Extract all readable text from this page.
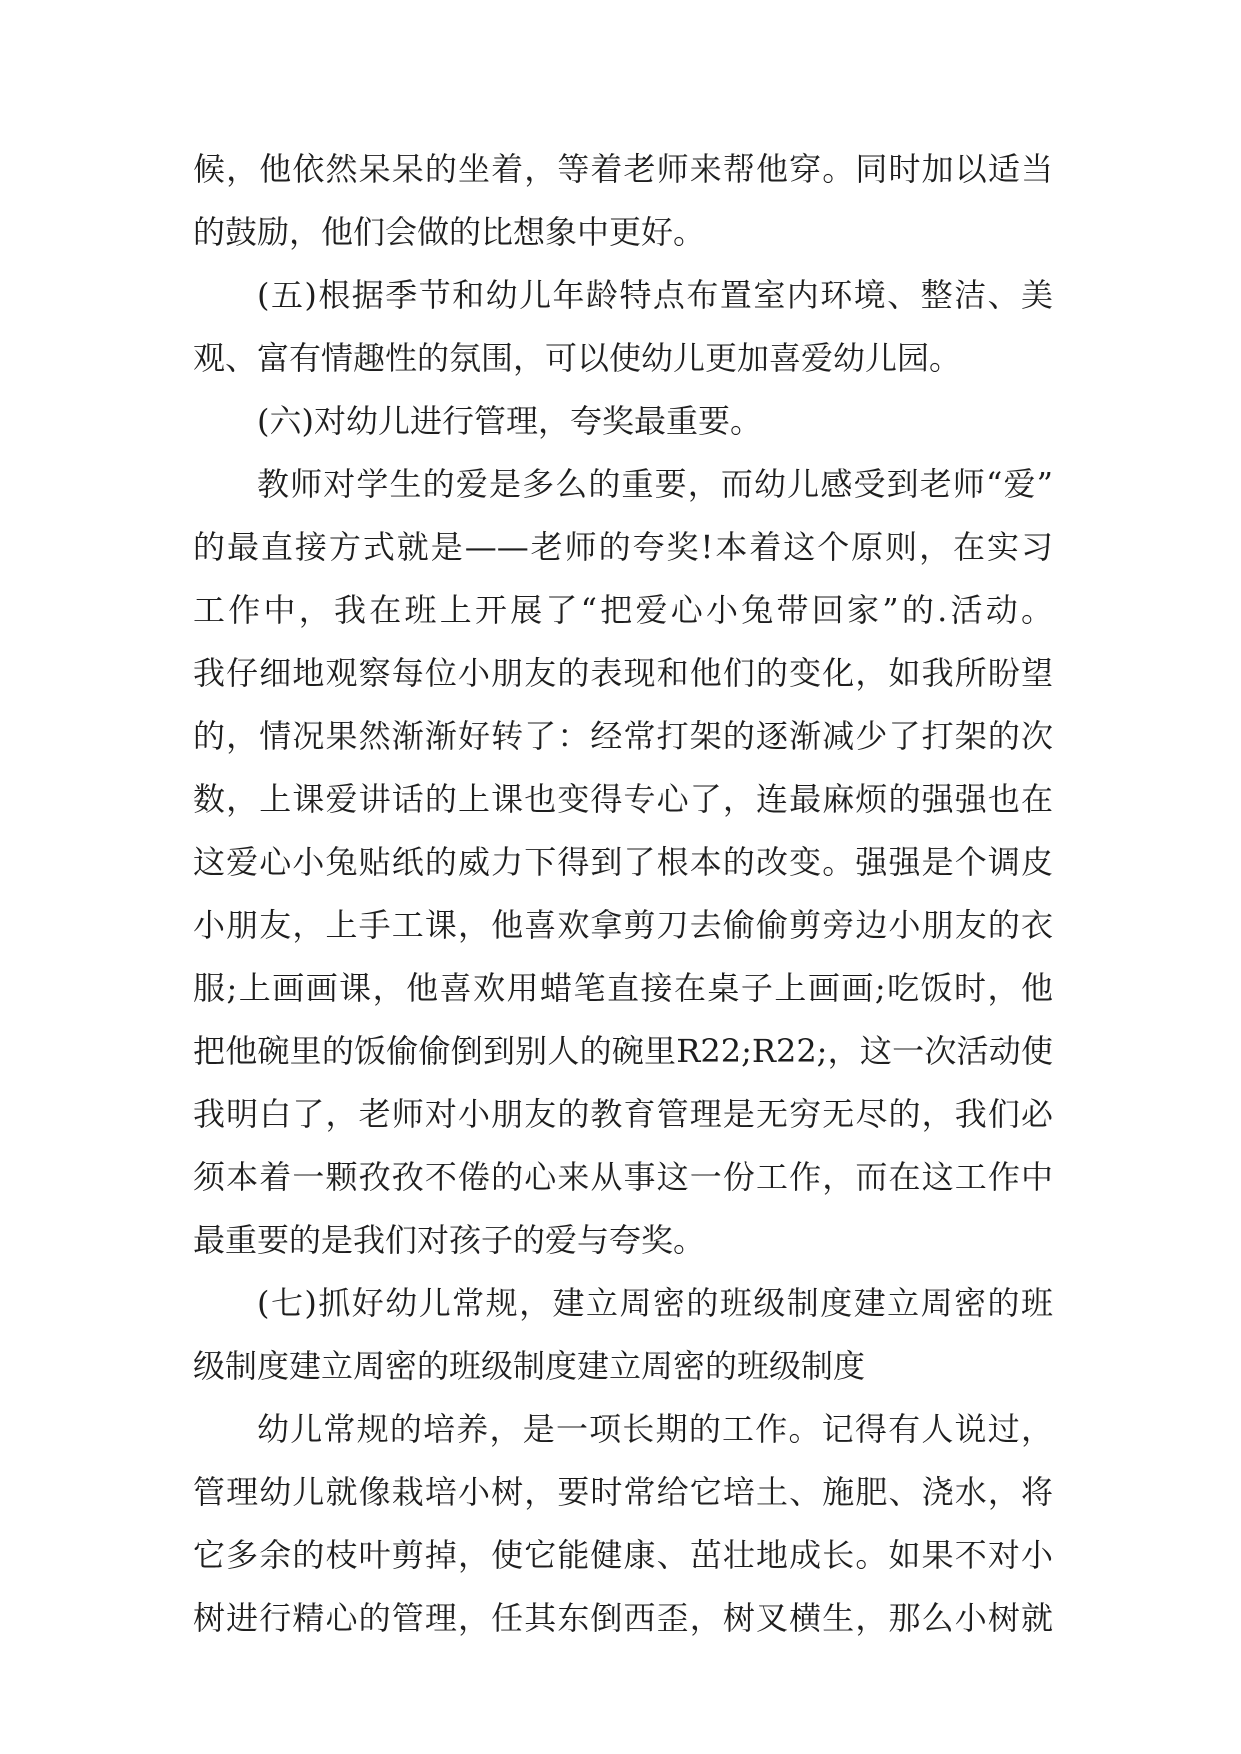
候，他依然呆呆的坐着，等着老师来帮他穿。同时加以适当
的鼓励，他们会做的比想象中更好。
(五)根据季节和幼儿年龄特点布置室内环境、整洁、美
观、富有情趣性的氛围，可以使幼儿更加喜爱幼儿园。
(六)对幼儿进行管理，夸奖最重要。
教师对学生的爱是多么的重要，而幼儿感受到老师“爱”
的最直接方式就是——老师的夸奖!本着这个原则，在实习
工作中，我在班上开展了“把爱心小兔带回家”的.活动。
我仔细地观察每位小朋友的表现和他们的变化，如我所盼望
的，情况果然渐渐好转了：经常打架的逐渐减少了打架的次
数，上课爱讲话的上课也变得专心了，连最麻烦的强强也在
这爱心小兔贴纸的威力下得到了根本的改变。强强是个调皮
小朋友，上手工课，他喜欢拿剪刀去偷偷剪旁边小朋友的衣
服;上画画课，他喜欢用蜡笔直接在桌子上画画;吃饭时，他
把他碗里的饭偷偷倒到别人的碗里R22;R22;，这一次活动使
我明白了，老师对小朋友的教育管理是无穷无尽的，我们必
须本着一颗孜孜不倦的心来从事这一份工作，而在这工作中
最重要的是我们对孩子的爱与夸奖。
(七)抓好幼儿常规，建立周密的班级制度建立周密的班
级制度建立周密的班级制度建立周密的班级制度
幼儿常规的培养，是一项长期的工作。记得有人说过，
管理幼儿就像栽培小树，要时常给它培土、施肥、浇水，将
它多余的枝叶剪掉，使它能健康、茁壮地成长。如果不对小
树进行精心的管理，任其东倒西歪，树叉横生，那么小树就
